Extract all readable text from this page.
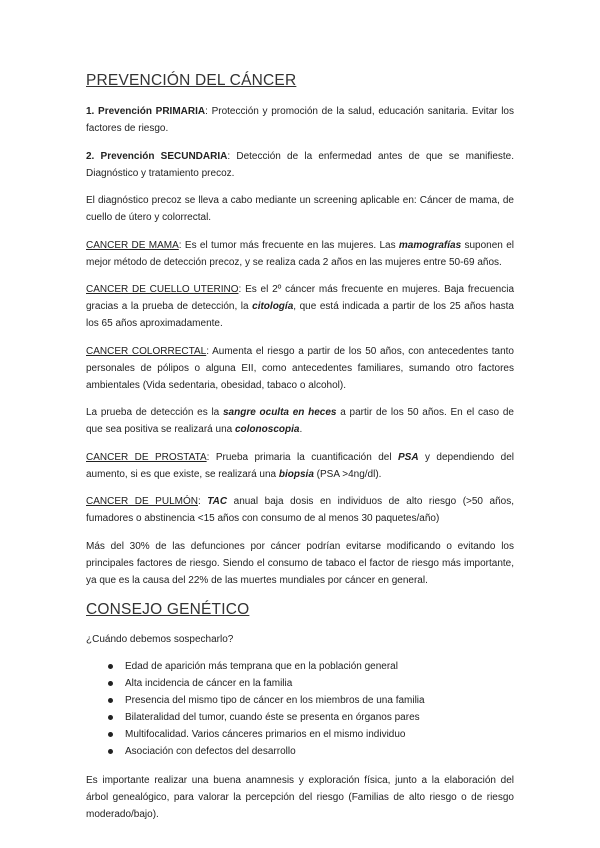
PREVENCIÓN DEL CÁNCER

1. Prevención PRIMARIA: Protección y promoción de la salud, educación sanitaria. Evitar los factores de riesgo.

2. Prevención SECUNDARIA: Detección de la enfermedad antes de que se manifieste. Diagnóstico y tratamiento precoz.

El diagnóstico precoz se lleva a cabo mediante un screening aplicable en: Cáncer de mama, de cuello de útero y colorrectal.

CANCER DE MAMA: Es el tumor más frecuente en las mujeres. Las mamografías suponen el mejor método de detección precoz, y se realiza cada 2 años en las mujeres entre 50-69 años.

CANCER DE CUELLO UTERINO: Es el 2º cáncer más frecuente en mujeres. Baja frecuencia gracias a la prueba de detección, la citología, que está indicada a partir de los 25 años hasta los 65 años aproximadamente.

CANCER COLORRECTAL: Aumenta el riesgo a partir de los 50 años, con antecedentes tanto personales de pólipos o alguna EII, como antecedentes familiares, sumando otro factores ambientales (Vida sedentaria, obesidad, tabaco o alcohol).

La prueba de detección es la sangre oculta en heces a partir de los 50 años. En el caso de que sea positiva se realizará una colonoscopia.

CANCER DE PROSTATA: Prueba primaria la cuantificación del PSA y dependiendo del aumento, si es que existe, se realizará una biopsia (PSA >4ng/dl).

CANCER DE PULMÓN: TAC anual baja dosis en individuos de alto riesgo (>50 años, fumadores o abstinencia <15 años con consumo de al menos 30 paquetes/año)

Más del 30% de las defunciones por cáncer podrían evitarse modificando o evitando los principales factores de riesgo. Siendo el consumo de tabaco el factor de riesgo más importante, ya que es la causa del 22% de las muertes mundiales por cáncer en general.

CONSEJO GENÉTICO

¿Cuándo debemos sospecharlo?

Edad de aparición más temprana que en la población general
Alta incidencia de cáncer en la familia
Presencia del mismo tipo de cáncer en los miembros de una familia
Bilateralidad del tumor, cuando éste se presenta en órganos pares
Multifocalidad. Varios cánceres primarios en el mismo individuo
Asociación con defectos del desarrollo

Es importante realizar una buena anamnesis y exploración física, junto a la elaboración del árbol genealógico, para valorar la percepción del riesgo (Familias de alto riesgo o de riesgo moderado/bajo).
